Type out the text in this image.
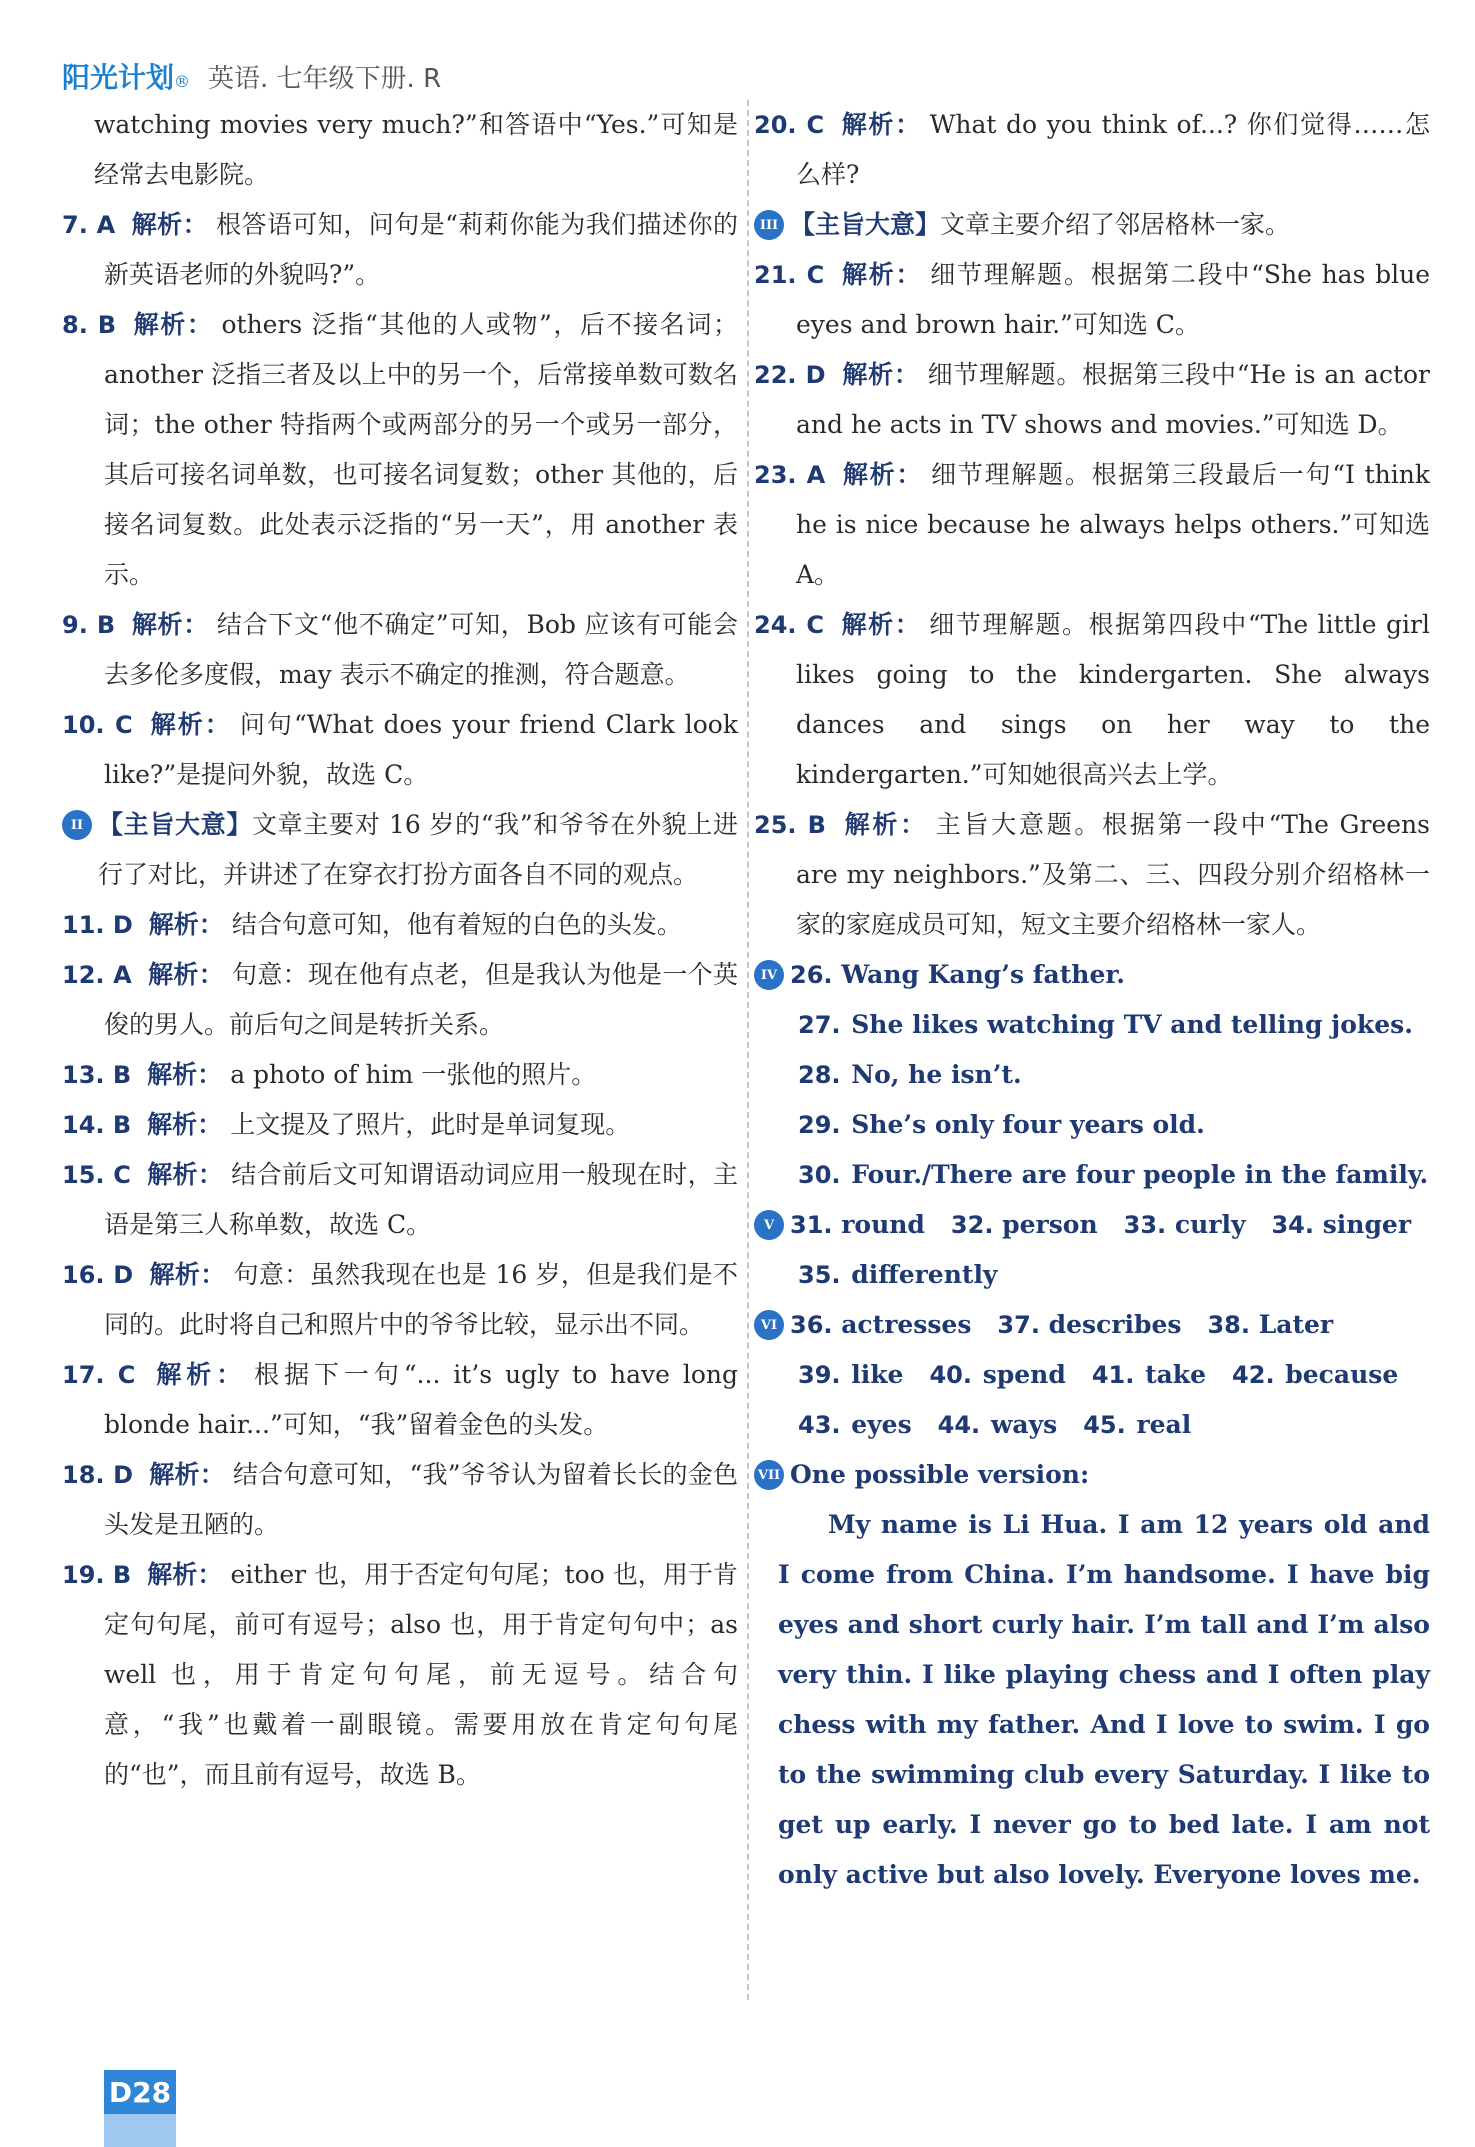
阳光计划 ® 英语. 七年级下册. R

watching movies very much?”和答语中“Yes.”可知是经常去电影院。

7. A 解析： 根答语可知，问句是“莉莉你能为我们描述你的新英语老师的外貌吗?”。

8. B 解析： others 泛指“其他的人或物”，后不接名词；another 泛指三者及以上中的另一个，后常接单数可数名词；the other 特指两个或两部分的另一个或另一部分，其后可接名词单数，也可接名词复数；other 其他的，后接名词复数。此处表示泛指的“另一天”，用 another 表示。

9. B 解析： 结合下文“他不确定”可知，Bob 应该有可能会去多伦多度假，may 表示不确定的推测，符合题意。

10. C 解析： 问句“What does your friend Clark look like?”是提问外貌，故选 C。

II 【主旨大意】文章主要对 16 岁的“我”和爷爷在外貌上进行了对比，并讲述了在穿衣打扮方面各自不同的观点。

11. D 解析： 结合句意可知，他有着短的白色的头发。

12. A 解析： 句意：现在他有点老，但是我认为他是一个英俊的男人。前后句之间是转折关系。

13. B 解析： a photo of him 一张他的照片。

14. B 解析： 上文提及了照片，此时是单词复现。

15. C 解析： 结合前后文可知谓语动词应用一般现在时，主语是第三人称单数，故选 C。

16. D 解析： 句意：虽然我现在也是 16 岁，但是我们是不同的。此时将自己和照片中的爷爷比较，显示出不同。

17. C 解析： 根据下一句“... it’s ugly to have long blonde hair...”可知，“我”留着金色的头发。

18. D 解析： 结合句意可知，“我”爷爷认为留着长长的金色头发是丑陋的。

19. B 解析： either 也，用于否定句句尾；too 也，用于肯定句句尾，前可有逗号；also 也，用于肯定句句中；as well 也，用于肯定句句尾，前无逗号。结合句意，“我”也戴着一副眼镜。需要用放在肯定句句尾的“也”，而且前有逗号，故选 B。

20. C 解析： What do you think of...? 你们觉得……怎么样?

III 【主旨大意】文章主要介绍了邻居格林一家。

21. C 解析： 细节理解题。根据第二段中“She has blue eyes and brown hair.”可知选 C。

22. D 解析： 细节理解题。根据第三段中“He is an actor and he acts in TV shows and movies.”可知选 D。

23. A 解析： 细节理解题。根据第三段最后一句“I think he is nice because he always helps others.”可知选 A。

24. C 解析： 细节理解题。根据第四段中“The little girl likes going to the kindergarten. She always dances and sings on her way to the kindergarten.”可知她很高兴去上学。

25. B 解析： 主旨大意题。根据第一段中“The Greens are my neighbors.”及第二、三、四段分别介绍格林一家的家庭成员可知，短文主要介绍格林一家人。

IV 26. Wang Kang’s father.

27. She likes watching TV and telling jokes.
28. No, he isn’t.
29. She’s only four years old.
30. Four./There are four people in the family.
V 31. round 32. person 33. curly 34. singer

35. differently
VI 36. actresses 37. describes 38. Later

39. like 40. spend 41. take 42. because
43. eyes 44. ways 45. real
VII One possible version:

My name is Li Hua. I am 12 years old and I come from China. I’m handsome. I have big eyes and short curly hair. I’m tall and I’m also very thin. I like playing chess and I often play chess with my father. And I love to swim. I go to the swimming club every Saturday. I like to get up early. I never go to bed late. I am not only active but also lovely. Everyone loves me.

D28
